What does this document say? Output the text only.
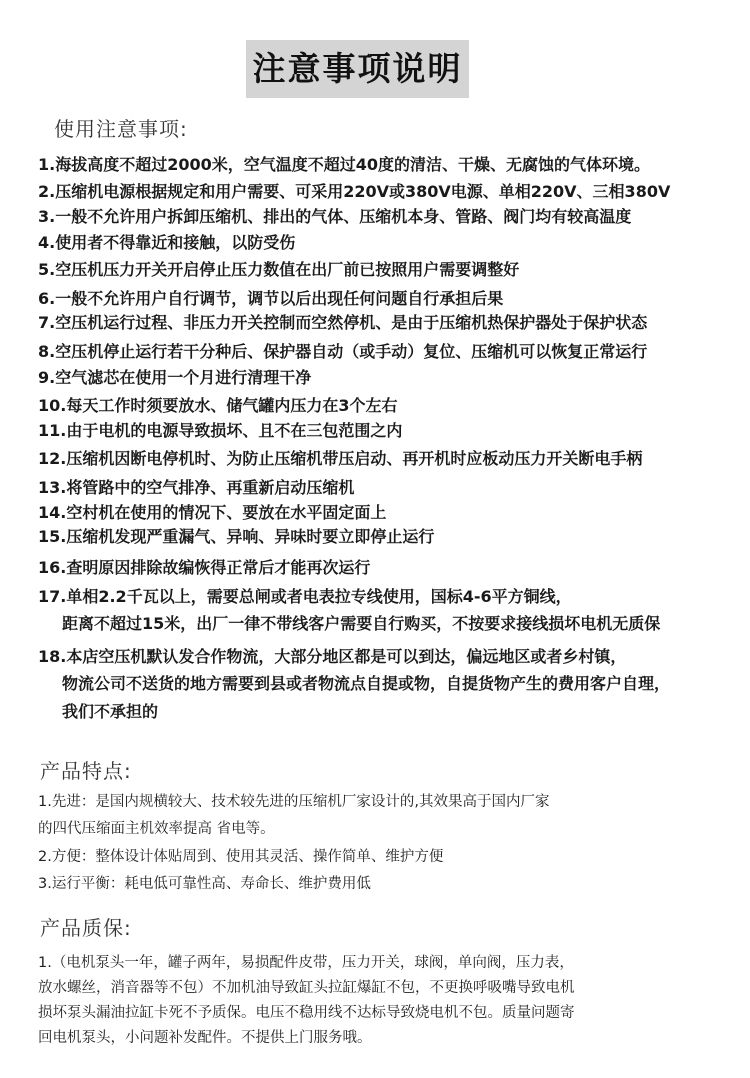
注意事项说明
使用注意事项:
1.海拔高度不超过2000米，空气温度不超过40度的清洁、干燥、无腐蚀的气体环境。
2.压缩机电源根据规定和用户需要、可采用220V或380V电源、单相220V、三相380V
3.一般不允许用户拆卸压缩机、排出的气体、压缩机本身、管路、阀门均有较高温度
4.使用者不得靠近和接触，以防受伤
5.空压机压力开关开启停止压力数值在出厂前已按照用户需要调整好
6.一般不允许用户自行调节，调节以后出现任何问题自行承担后果
7.空压机运行过程、非压力开关控制而空然停机、是由于压缩机热保护器处于保护状态
8.空压机停止运行若干分种后、保护器自动（或手动）复位、压缩机可以恢复正常运行
9.空气滤芯在使用一个月进行清理干净
10.每天工作时须要放水、储气罐内压力在3个左右
11.由于电机的电源导致损坏、且不在三包范围之内
12.压缩机因断电停机时、为防止压缩机带压启动、再开机时应板动压力开关断电手柄
13.将管路中的空气排净、再重新启动压缩机
14.空村机在使用的情况下、要放在水平固定面上
15.压缩机发现严重漏气、异响、异味时要立即停止运行
16.查明原因排除故编恢得正常后才能再次运行
17.单相2.2千瓦以上，需要总闸或者电表拉专线使用，国标4-6平方铜线，
距离不超过15米，出厂一律不带线客户需要自行购买，不按要求接线损坏电机无质保
18.本店空压机默认发合作物流，大部分地区都是可以到达，偏远地区或者乡村镇，
物流公司不送货的地方需要到县或者物流点自提或物，自提货物产生的费用客户自理，
我们不承担的
产品特点:
1.先进：是国内规横较大、技术较先进的压缩机厂家设计的,其效果高于国内厂家
的四代压缩面主机效率提高 省电等。
2.方便：整体设计体贴周到、使用其灵活、操作简单、维护方便
3.运行平衡：耗电低可靠性高、寿命长、维护费用低
产品质保:
1.（电机泵头一年，罐子两年，易损配件皮带，压力开关，球阀，单向阀，压力表，
放水螺丝，消音器等不包）不加机油导致缸头拉缸爆缸不包，不更换呼吸嘴导致电机
损坏泵头漏油拉缸卡死不予质保。电压不稳用线不达标导致烧电机不包。质量问题寄
回电机泵头，小问题补发配件。不提供上门服务哦。
